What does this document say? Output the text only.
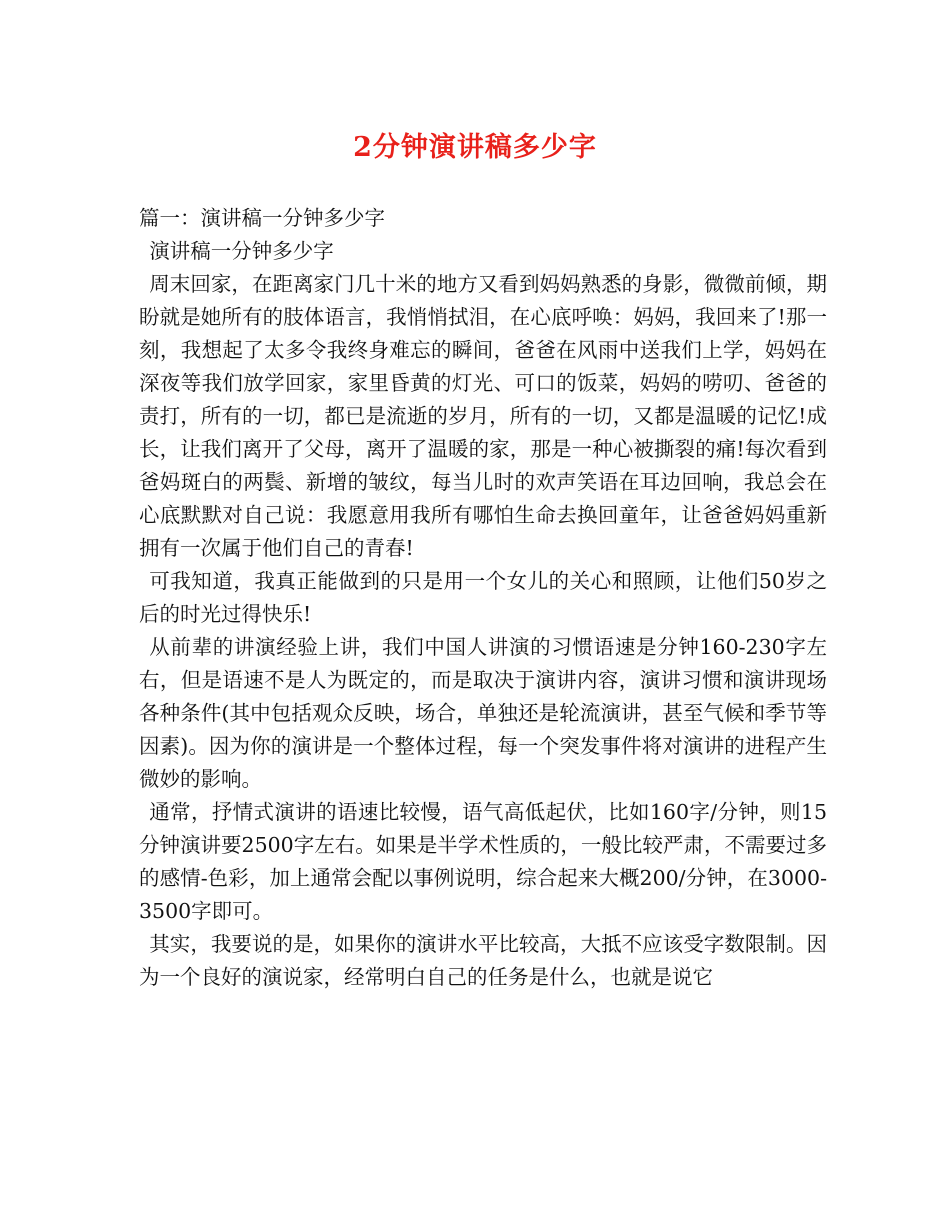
2分钟演讲稿多少字

篇一：演讲稿一分钟多少字

演讲稿一分钟多少字

周末回家，在距离家门几十米的地方又看到妈妈熟悉的身影，微微前倾，期盼就是她所有的肢体语言，我悄悄拭泪，在心底呼唤：妈妈，我回来了!那一刻，我想起了太多令我终身难忘的瞬间，爸爸在风雨中送我们上学，妈妈在深夜等我们放学回家，家里昏黄的灯光、可口的饭菜，妈妈的唠叨、爸爸的责打，所有的一切，都已是流逝的岁月，所有的一切，又都是温暖的记忆!成长，让我们离开了父母，离开了温暖的家，那是一种心被撕裂的痛!每次看到爸妈斑白的两鬓、新增的皱纹，每当儿时的欢声笑语在耳边回响，我总会在心底默默对自己说：我愿意用我所有哪怕生命去换回童年，让爸爸妈妈重新拥有一次属于他们自己的青春!

可我知道，我真正能做到的只是用一个女儿的关心和照顾，让他们50岁之后的时光过得快乐!

从前辈的讲演经验上讲，我们中国人讲演的习惯语速是分钟160-230字左右，但是语速不是人为既定的，而是取决于演讲内容，演讲习惯和演讲现场各种条件(其中包括观众反映，场合，单独还是轮流演讲，甚至气候和季节等因素)。因为你的演讲是一个整体过程，每一个突发事件将对演讲的进程产生微妙的影响。

通常，抒情式演讲的语速比较慢，语气高低起伏，比如160字/分钟，则15分钟演讲要2500字左右。如果是半学术性质的，一般比较严肃，不需要过多的感情-色彩，加上通常会配以事例说明，综合起来大概200/分钟，在3000-3500字即可。

其实，我要说的是，如果你的演讲水平比较高，大抵不应该受字数限制。因为一个良好的演说家，经常明白自己的任务是什么，也就是说它
